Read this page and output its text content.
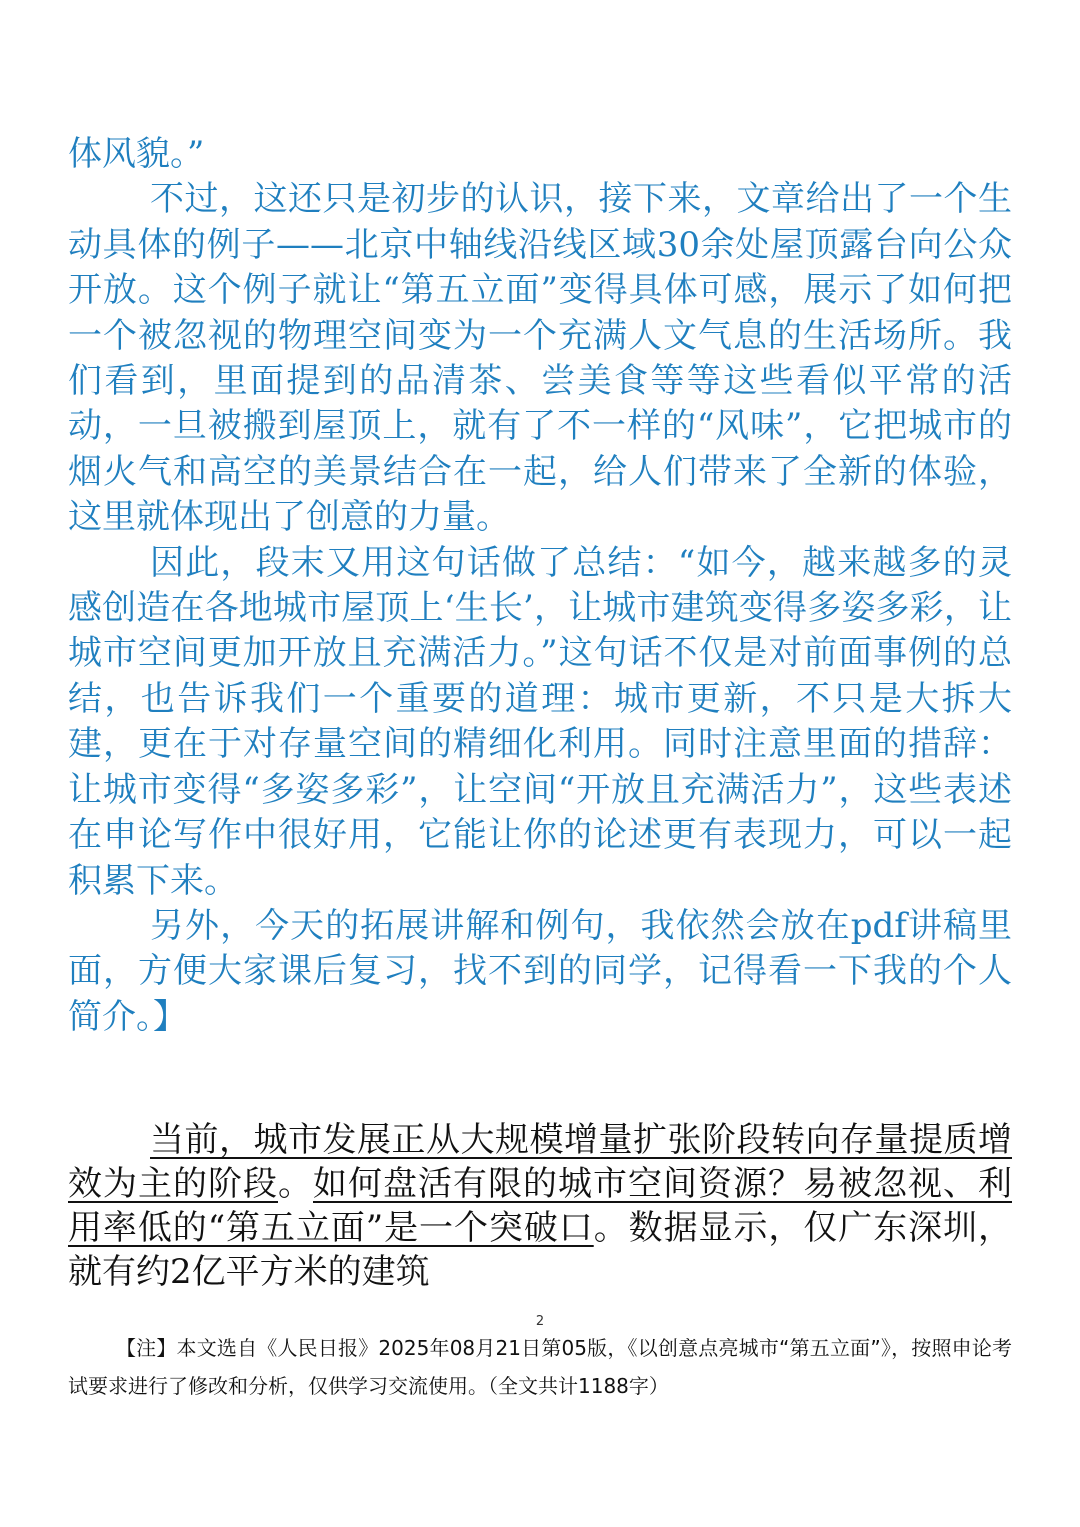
体风貌。”

不过，这还只是初步的认识，接下来，文章给出了一个生动具体的例子——北京中轴线沿线区域30余处屋顶露台向公众开放。这个例子就让“第五立面”变得具体可感，展示了如何把一个被忽视的物理空间变为一个充满人文气息的生活场所。我们看到，里面提到的品清茶、尝美食等等这些看似平常的活动，一旦被搬到屋顶上，就有了不一样的“风味”，它把城市的烟火气和高空的美景结合在一起，给人们带来了全新的体验，这里就体现出了创意的力量。

因此，段末又用这句话做了总结：“如今，越来越多的灵感创造在各地城市屋顶上‘生长’，让城市建筑变得多姿多彩，让城市空间更加开放且充满活力。”这句话不仅是对前面事例的总结，也告诉我们一个重要的道理：城市更新，不只是大拆大建，更在于对存量空间的精细化利用。同时注意里面的措辞：让城市变得“多姿多彩”，让空间“开放且充满活力”，这些表述在申论写作中很好用，它能让你的论述更有表现力，可以一起积累下来。

另外，今天的拓展讲解和例句，我依然会放在pdf讲稿里面，方便大家课后复习，找不到的同学，记得看一下我的个人简介。】

当前，城市发展正从大规模增量扩张阶段转向存量提质增效为主的阶段。如何盘活有限的城市空间资源？易被忽视、利用率低的“第五立面”是一个突破口。数据显示，仅广东深圳，就有约2亿平方米的建筑
2
【注】本文选自《人民日报》2025年08月21日第05版，《以创意点亮城市“第五立面”》，按照申论考试要求进行了修改和分析，仅供学习交流使用。（全文共计1188字）
